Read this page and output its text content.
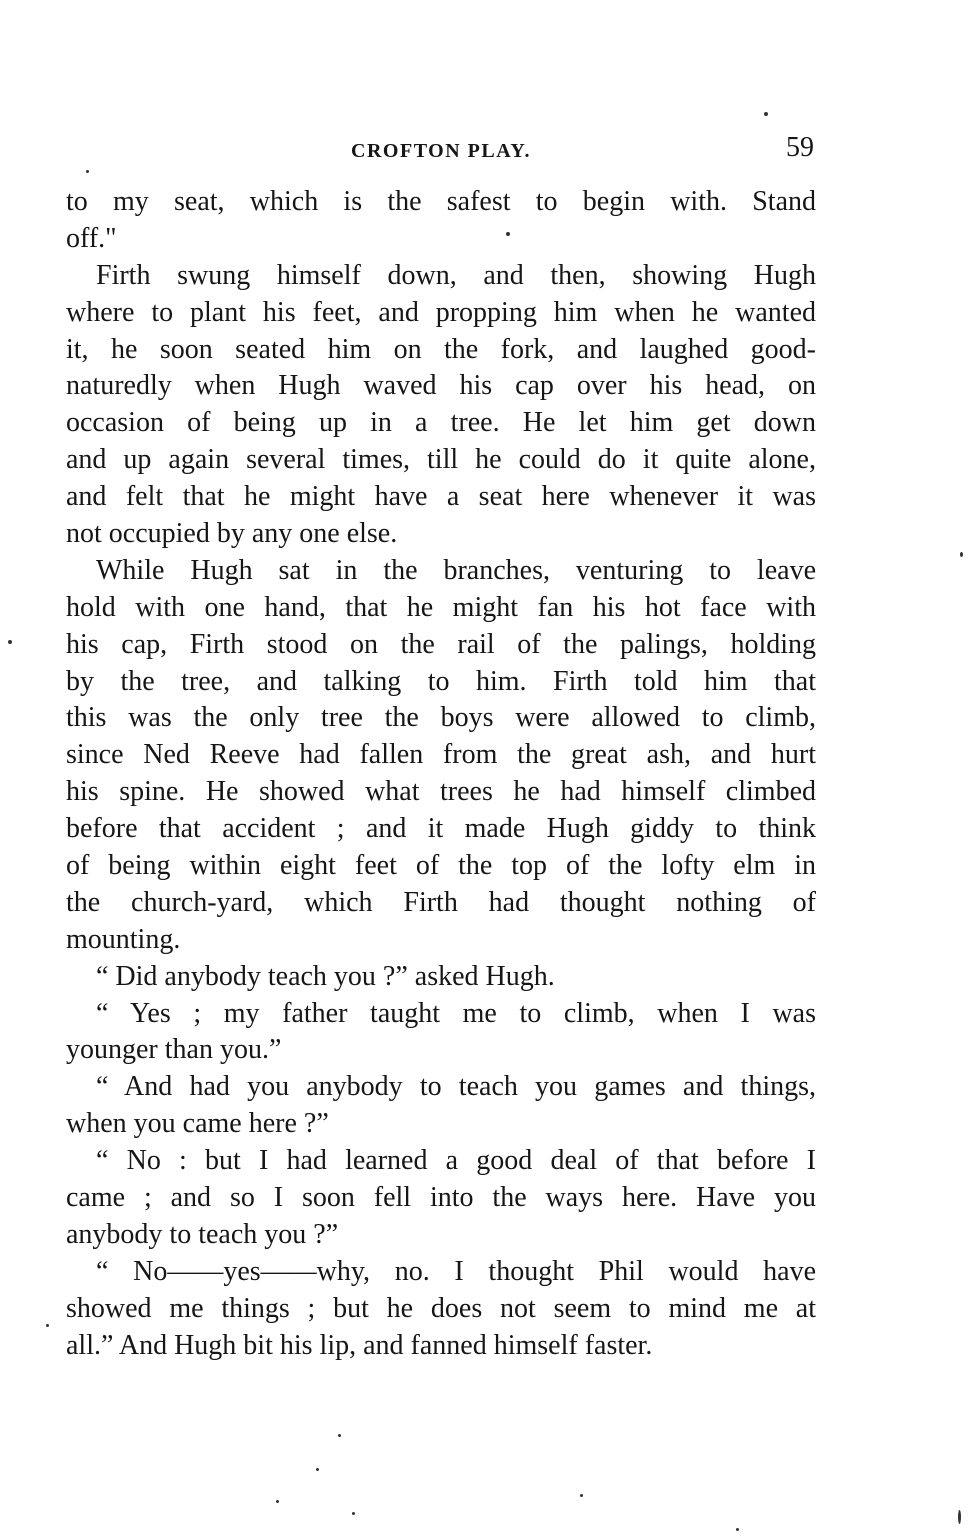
CROFTON PLAY.	59
to my seat, which is the safest to begin with. Stand
off."
Firth swung himself down, and then, showing Hugh
where to plant his feet, and propping him when he wanted
it, he soon seated him on the fork, and laughed good-
naturedly when Hugh waved his cap over his head, on
occasion of being up in a tree. He let him get down
and up again several times, till he could do it quite alone,
and felt that he might have a seat here whenever it was
not occupied by any one else.
While Hugh sat in the branches, venturing to leave
hold with one hand, that he might fan his hot face with
his cap, Firth stood on the rail of the palings, holding
by the tree, and talking to him. Firth told him that
this was the only tree the boys were allowed to climb,
since Ned Reeve had fallen from the great ash, and hurt
his spine. He showed what trees he had himself climbed
before that accident ; and it made Hugh giddy to think
of being within eight feet of the top of the lofty elm in
the church-yard, which Firth had thought nothing of
mounting.
“ Did anybody teach you ?” asked Hugh.
“ Yes ; my father taught me to climb, when I was
younger than you.”
“ And had you anybody to teach you games and things,
when you came here ?”
“ No : but I had learned a good deal of that before I
came ; and so I soon fell into the ways here. Have you
anybody to teach you ?”
“ No——yes——why, no. I thought Phil would have
showed me things ; but he does not seem to mind me at
all.” And Hugh bit his lip, and fanned himself faster.
